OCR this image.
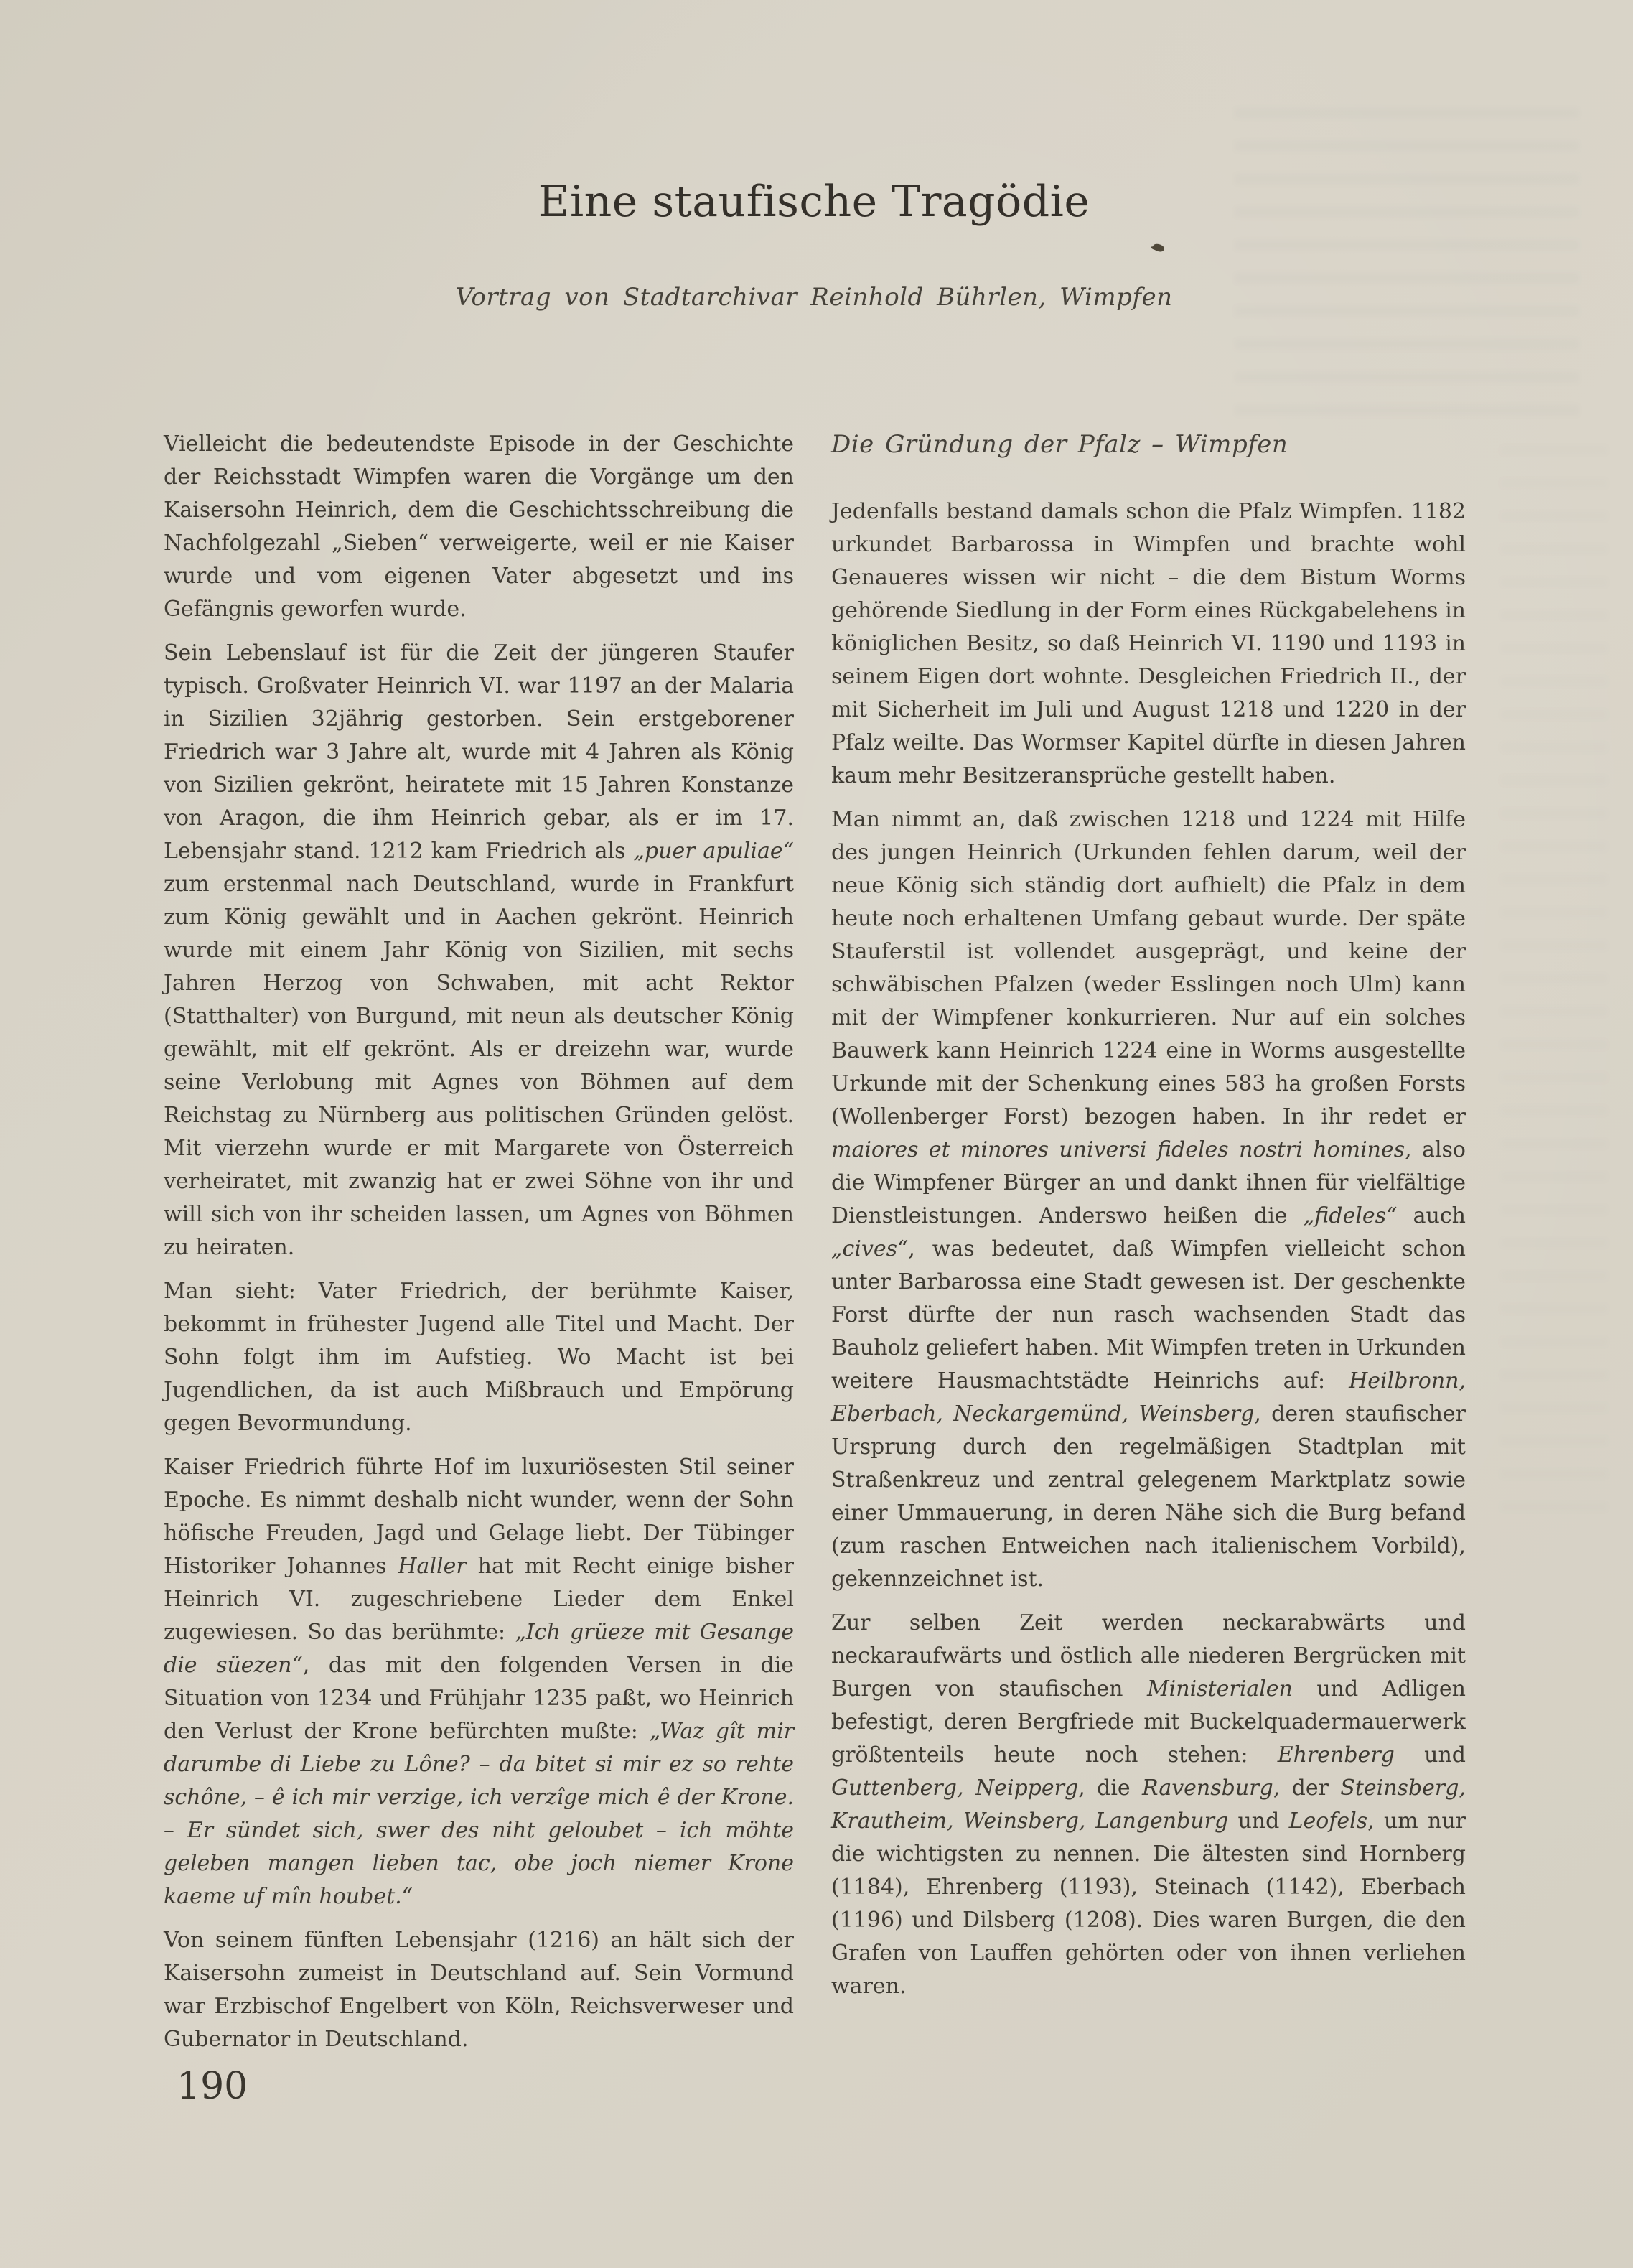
Eine staufische Tragödie
Vortrag von Stadtarchivar Reinhold Bührlen, Wimpfen

Vielleicht die bedeutendste Episode in der Geschichte der Reichsstadt Wimpfen waren die Vorgänge um den Kaisersohn Heinrich, dem die Geschichtsschreibung die Nachfolgezahl „Sieben“ verweigerte, weil er nie Kaiser wurde und vom eigenen Vater abgesetzt und ins Gefängnis geworfen wurde.

Sein Lebenslauf ist für die Zeit der jüngeren Staufer typisch. Großvater Heinrich VI. war 1197 an der Malaria in Sizilien 32jährig gestorben. Sein erstgeborener Friedrich war 3 Jahre alt, wurde mit 4 Jahren als König von Sizilien gekrönt, heiratete mit 15 Jahren Konstanze von Aragon, die ihm Heinrich gebar, als er im 17. Lebensjahr stand. 1212 kam Friedrich als „puer apuliae“ zum erstenmal nach Deutschland, wurde in Frankfurt zum König gewählt und in Aachen gekrönt. Heinrich wurde mit einem Jahr König von Sizilien, mit sechs Jahren Herzog von Schwaben, mit acht Rektor (Statthalter) von Burgund, mit neun als deutscher König gewählt, mit elf gekrönt. Als er dreizehn war, wurde seine Verlobung mit Agnes von Böhmen auf dem Reichstag zu Nürnberg aus politischen Gründen gelöst. Mit vierzehn wurde er mit Margarete von Österreich verheiratet, mit zwanzig hat er zwei Söhne von ihr und will sich von ihr scheiden lassen, um Agnes von Böhmen zu heiraten.

Man sieht: Vater Friedrich, der berühmte Kaiser, bekommt in frühester Jugend alle Titel und Macht. Der Sohn folgt ihm im Aufstieg. Wo Macht ist bei Jugendlichen, da ist auch Mißbrauch und Empörung gegen Bevormundung.

Kaiser Friedrich führte Hof im luxuriösesten Stil seiner Epoche. Es nimmt deshalb nicht wunder, wenn der Sohn höfische Freuden, Jagd und Gelage liebt. Der Tübinger Historiker Johannes Haller hat mit Recht einige bisher Heinrich VI. zugeschriebene Lieder dem Enkel zugewiesen. So das berühmte: „Ich grüeze mit Gesange die süezen“, das mit den folgenden Versen in die Situation von 1234 und Frühjahr 1235 paßt, wo Heinrich den Verlust der Krone befürchten mußte: „Waz gît mir darumbe di Liebe zu Lône? – da bitet si mir ez so rehte schône, – ê ich mir verzige, ich verzîge mich ê der Krone. – Er sündet sich, swer des niht geloubet – ich möhte geleben mangen lieben tac, obe joch niemer Krone kaeme uf mîn houbet.“

Von seinem fünften Lebensjahr (1216) an hält sich der Kaisersohn zumeist in Deutschland auf. Sein Vormund war Erzbischof Engelbert von Köln, Reichsverweser und Gubernator in Deutschland.

Die Gründung der Pfalz – Wimpfen

Jedenfalls bestand damals schon die Pfalz Wimpfen. 1182 urkundet Barbarossa in Wimpfen und brachte wohl Genaueres wissen wir nicht – die dem Bistum Worms gehörende Siedlung in der Form eines Rückgabelehens in königlichen Besitz, so daß Heinrich VI. 1190 und 1193 in seinem Eigen dort wohnte. Desgleichen Friedrich II., der mit Sicherheit im Juli und August 1218 und 1220 in der Pfalz weilte. Das Wormser Kapitel dürfte in diesen Jahren kaum mehr Besitzeransprüche gestellt haben.

Man nimmt an, daß zwischen 1218 und 1224 mit Hilfe des jungen Heinrich (Urkunden fehlen darum, weil der neue König sich ständig dort aufhielt) die Pfalz in dem heute noch erhaltenen Umfang gebaut wurde. Der späte Stauferstil ist vollendet ausgeprägt, und keine der schwäbischen Pfalzen (weder Esslingen noch Ulm) kann mit der Wimpfener konkurrieren. Nur auf ein solches Bauwerk kann Heinrich 1224 eine in Worms ausgestellte Urkunde mit der Schenkung eines 583 ha großen Forsts (Wollenberger Forst) bezogen haben. In ihr redet er maiores et minores universi fideles nostri homines, also die Wimpfener Bürger an und dankt ihnen für vielfältige Dienstleistungen. Anderswo heißen die „fideles“ auch „cives“, was bedeutet, daß Wimpfen vielleicht schon unter Barbarossa eine Stadt gewesen ist. Der geschenkte Forst dürfte der nun rasch wachsenden Stadt das Bauholz geliefert haben. Mit Wimpfen treten in Urkunden weitere Hausmachtstädte Heinrichs auf: Heilbronn, Eberbach, Neckargemünd, Weinsberg, deren staufischer Ursprung durch den regelmäßigen Stadtplan mit Straßenkreuz und zentral gelegenem Marktplatz sowie einer Ummauerung, in deren Nähe sich die Burg befand (zum raschen Entweichen nach italienischem Vorbild), gekennzeichnet ist.

Zur selben Zeit werden neckarabwärts und neckaraufwärts und östlich alle niederen Bergrücken mit Burgen von staufischen Ministerialen und Adligen befestigt, deren Bergfriede mit Buckelquadermauerwerk größtenteils heute noch stehen: Ehrenberg und Guttenberg, Neipperg, die Ravensburg, der Steinsberg, Krautheim, Weinsberg, Langenburg und Leofels, um nur die wichtigsten zu nennen. Die ältesten sind Hornberg (1184), Ehrenberg (1193), Steinach (1142), Eberbach (1196) und Dilsberg (1208). Dies waren Burgen, die den Grafen von Lauffen gehörten oder von ihnen verliehen waren.

190
